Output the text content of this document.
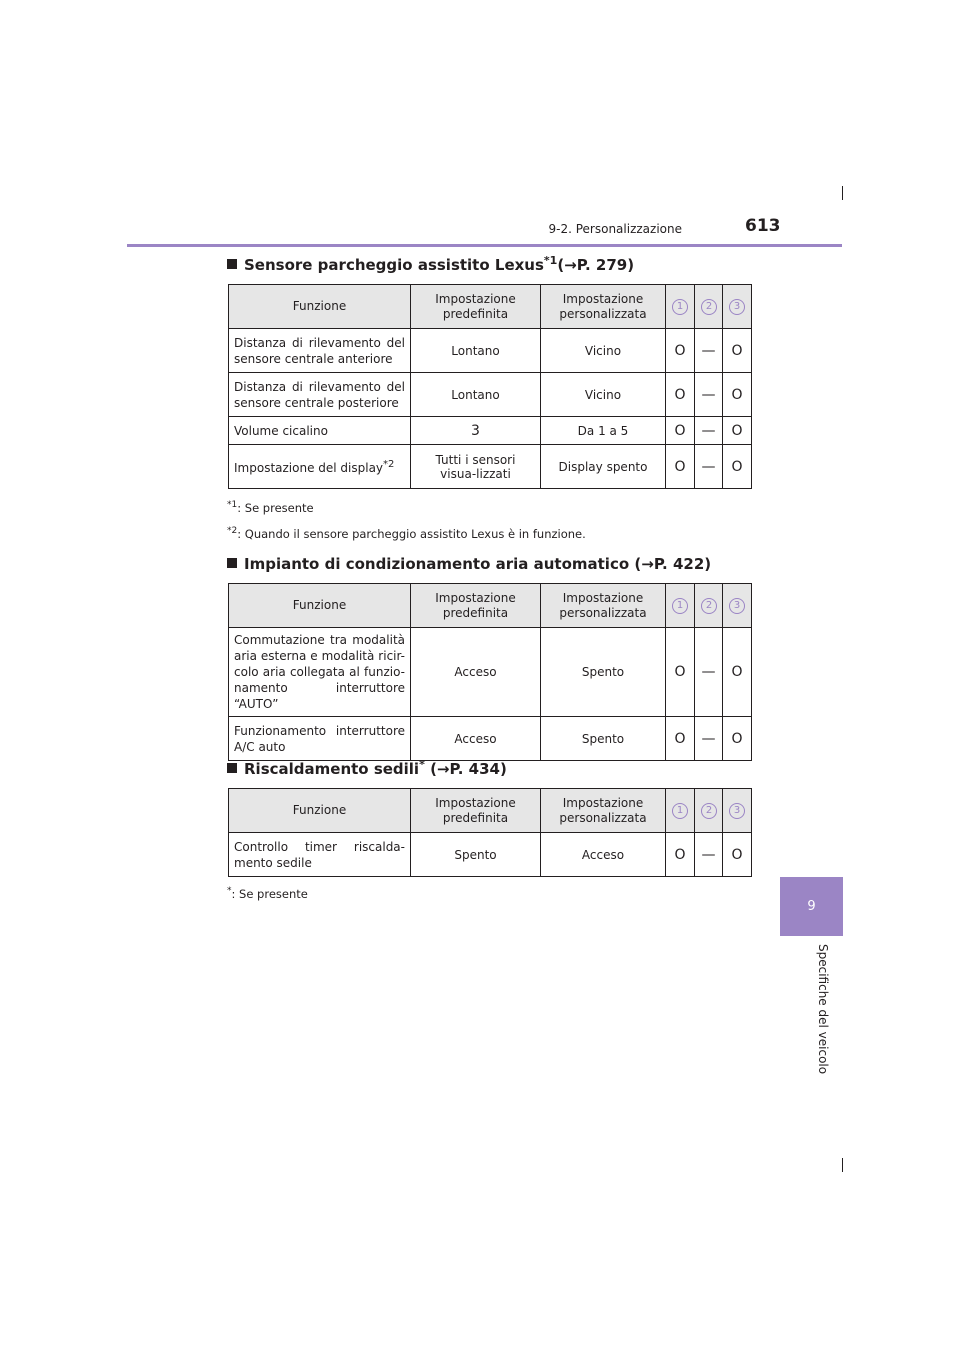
9-2. Personalizzazione	613
9
Specifiche del veicolo
Sensore parcheggio assistito Lexus$^{*1}$(→P. 279)
Funzione	Impostazione predefinita	Impostazione personalizzata	1	2	3
Distanza di rilevamento del sensore centrale anteriore	Lontano	Vicino	O	—	O
Distanza di rilevamento del sensore centrale posteriore	Lontano	Vicino	O	—	O
Volume cicalino	3	Da 1 a 5	O	—	O
Impostazione del display$^{*2}$	Tutti i sensori visua-lizzati	Display spento	O	—	O
$^{*1}$: Se presente
$^{*2}$: Quando il sensore parcheggio assistito Lexus è in funzione.
Impianto di condizionamento aria automatico (→P. 422)
Funzione	Impostazione predefinita	Impostazione personalizzata	1	2	3
Commutazione tra modalità aria esterna e modalità ricir-colo aria collegata al funzio-namento interruttore “AUTO”	Acceso	Spento	O	—	O
Funzionamento interruttore A/C auto	Acceso	Spento	O	—	O
Riscaldamento sedili* (→P. 434)
Funzione	Impostazione predefinita	Impostazione personalizzata	1	2	3
Controllo timer riscalda-mento sedile	Spento	Acceso	O	—	O
*: Se presente
